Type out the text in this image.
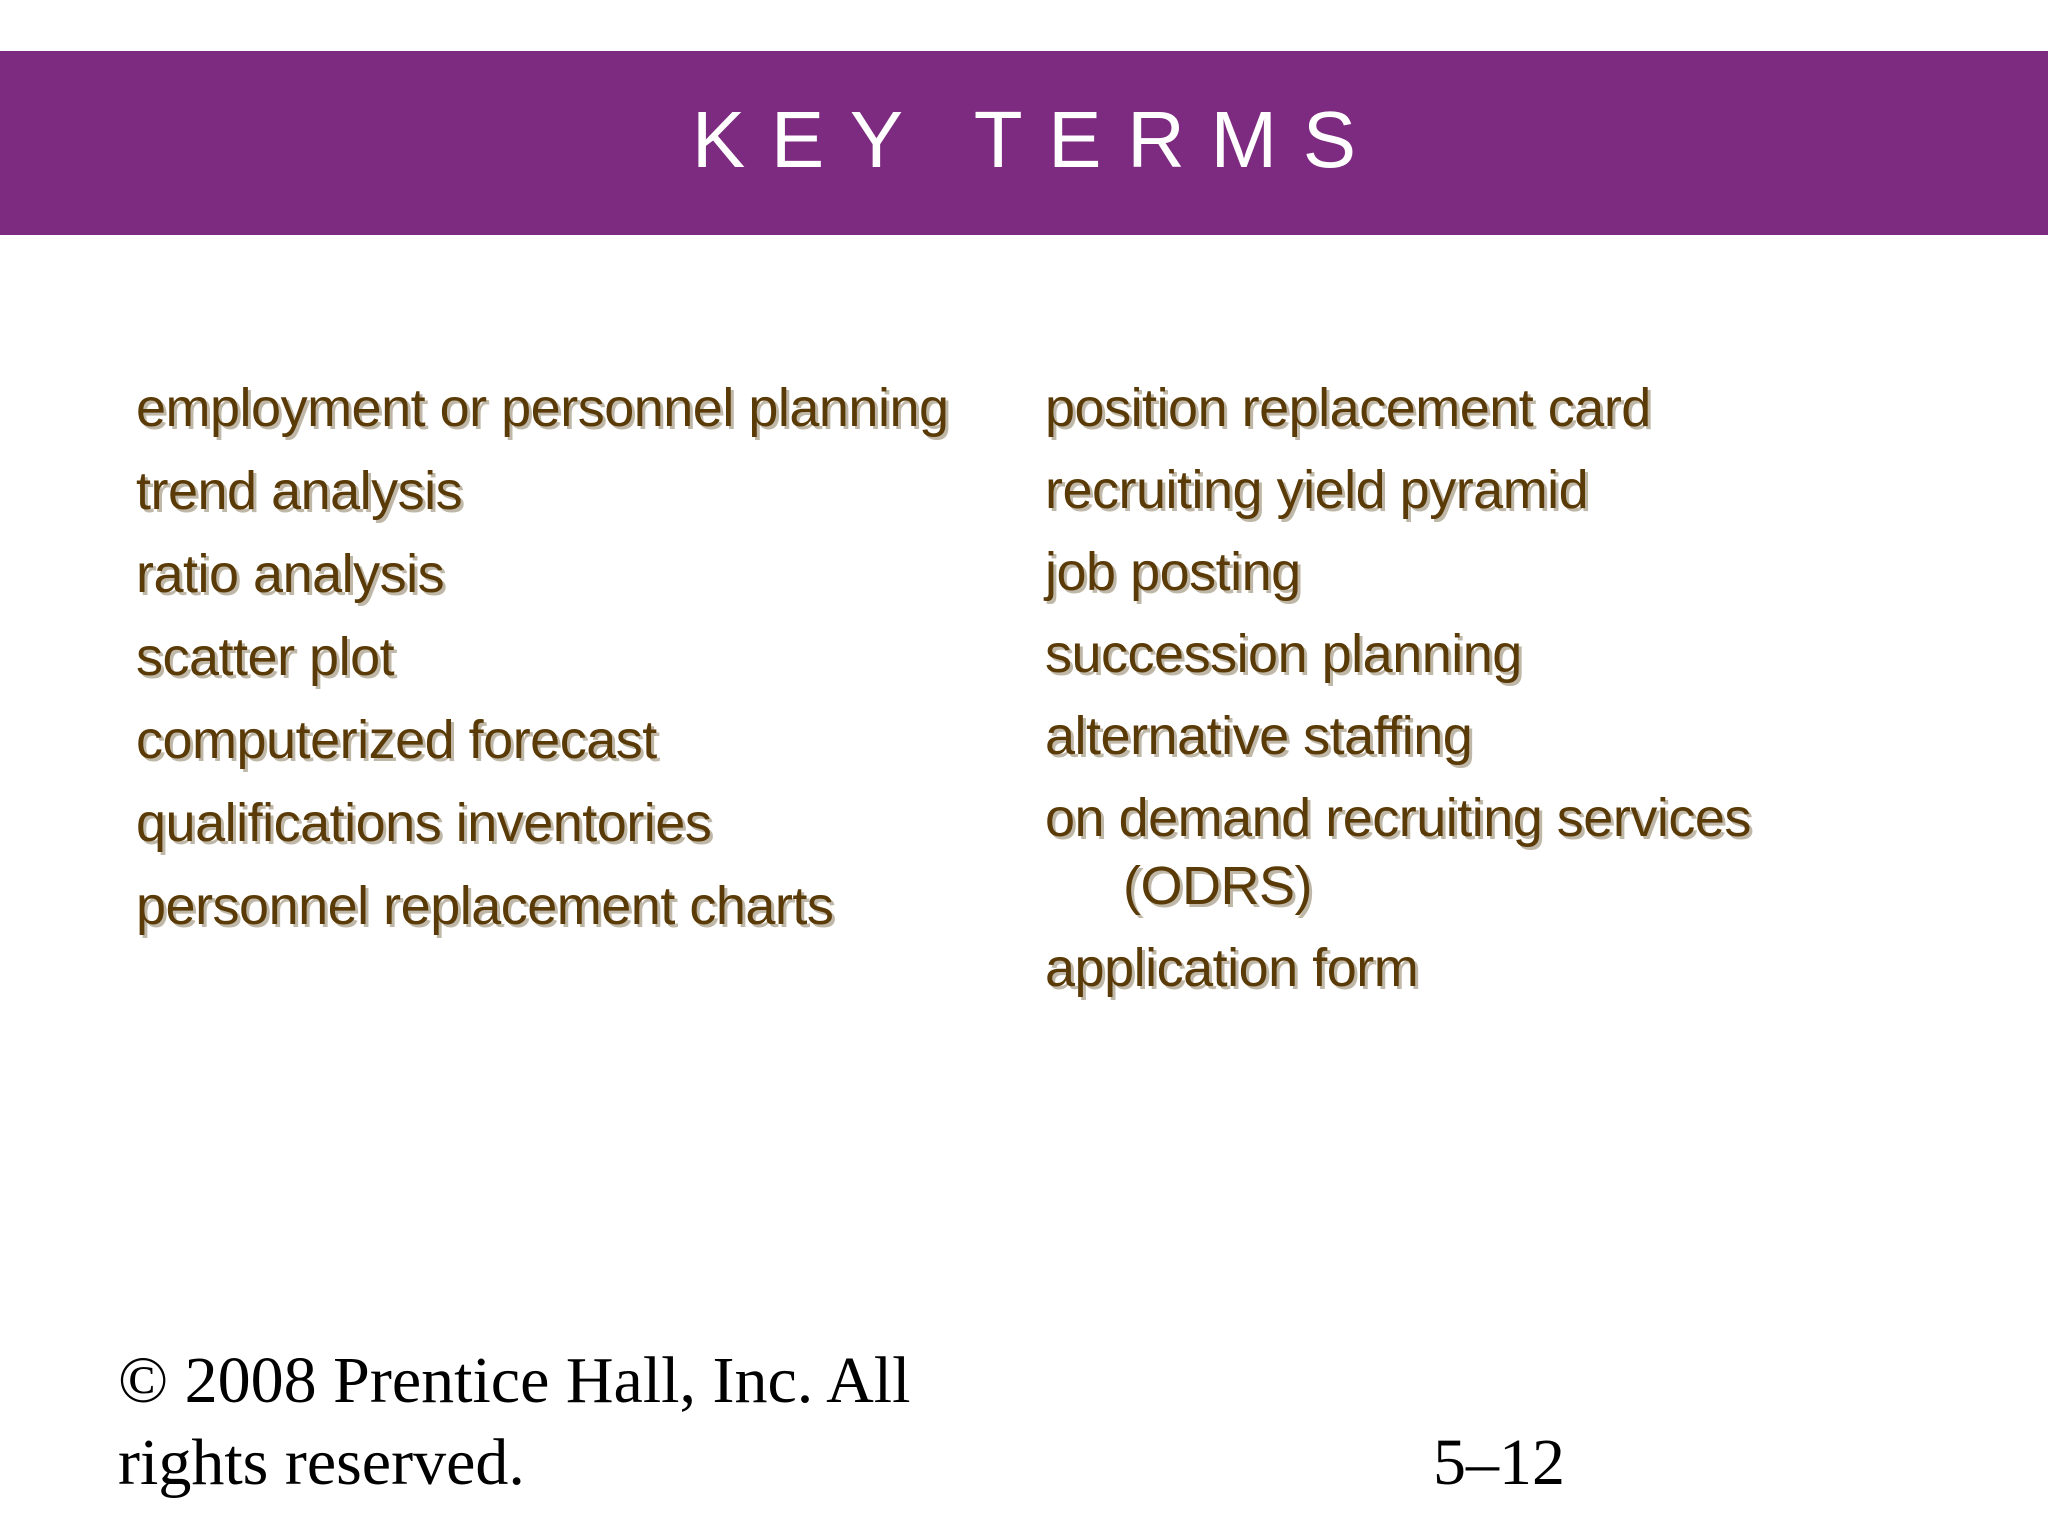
KEY TERMS
employment or personnel planning
trend analysis
ratio analysis
scatter plot
computerized forecast
qualifications inventories
personnel replacement charts
position replacement card
recruiting yield pyramid
job posting
succession planning
alternative staffing
on demand recruiting services (ODRS)
application form
© 2008 Prentice Hall, Inc. All rights reserved.	5–12
